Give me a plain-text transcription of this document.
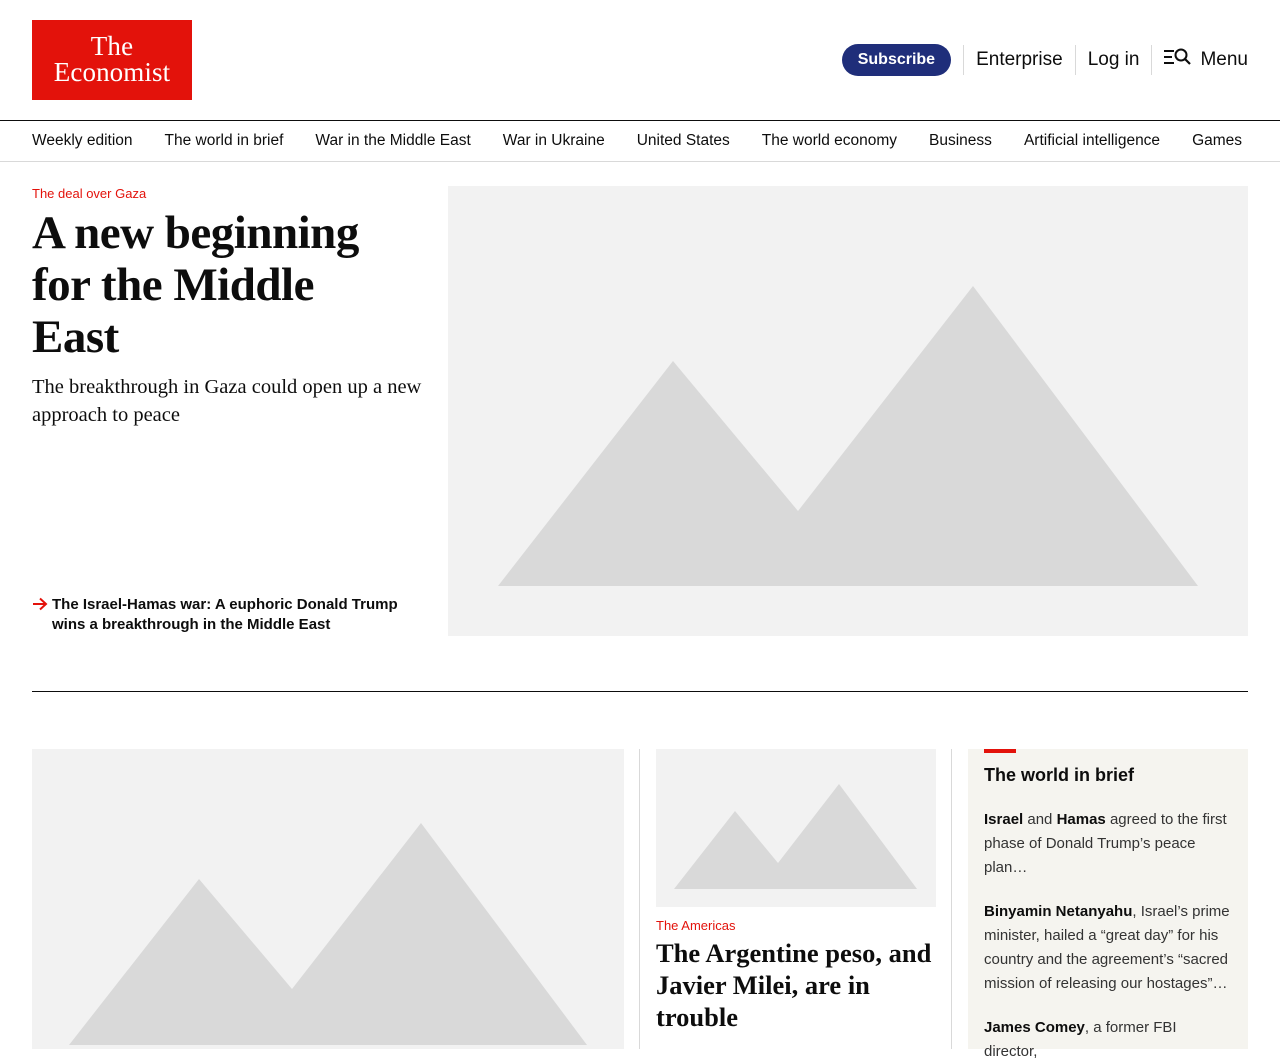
The
Economist	Subscribe	Enterprise Log in	Menu
Weekly edition The world in brief War in the Middle East War in Ukraine United States The world economy Business Artificial intelligence Games
The deal over Gaza
A new beginning for the Middle East

The breakthrough in Gaza could open up a new approach to peace

The Israel-Hamas war: A euphoric Donald Trump wins a breakthrough in the Middle East
The Americas
The Argentine peso, and Javier Milei, are in trouble
The world in brief

Israel and Hamas agreed to the first phase of Donald Trump’s peace plan…

Binyamin Netanyahu, Israel’s prime minister, hailed a “great day” for his country and the agreement’s “sacred mission of releasing our hostages”…

James Comey, a former FBI director,
